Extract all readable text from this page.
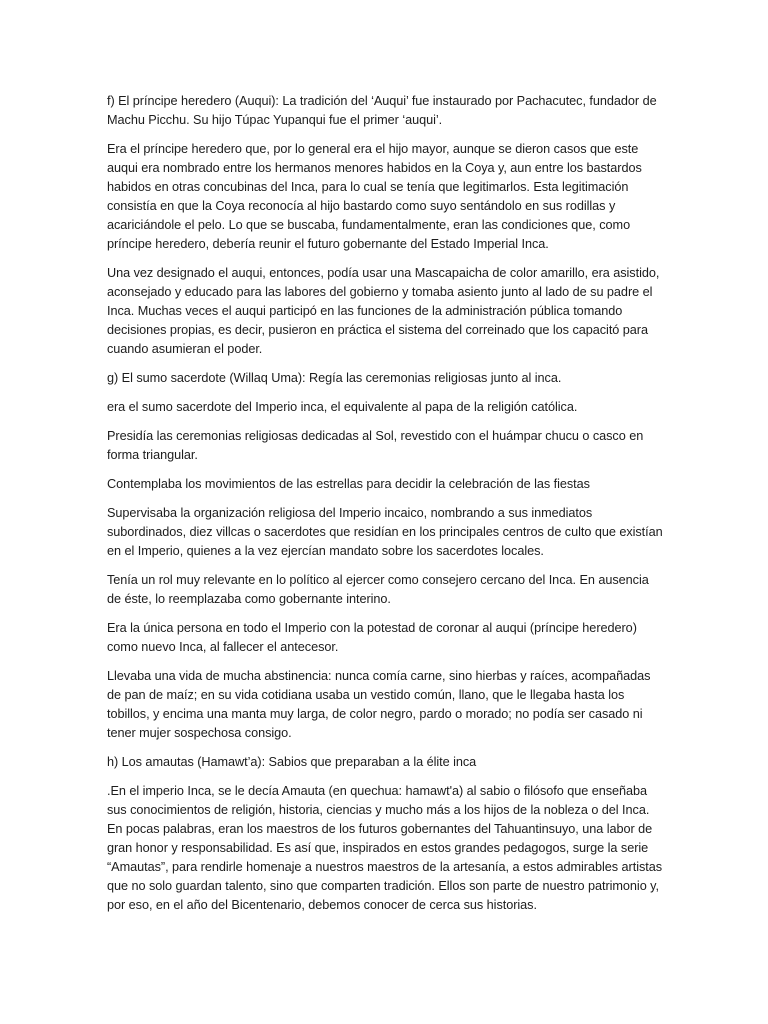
f) El príncipe heredero (Auqui): La tradición del ‘Auqui’ fue instaurado por Pachacutec, fundador de Machu Picchu. Su hijo Túpac Yupanqui fue el primer ‘auqui’.

Era el príncipe heredero que, por lo general era el hijo mayor, aunque se dieron casos que este auqui era nombrado entre los hermanos menores habidos en la Coya y, aun entre los bastardos habidos en otras concubinas del Inca, para lo cual se tenía que legitimarlos. Esta legitimación consistía en que la Coya reconocía al hijo bastardo como suyo sentándolo en sus rodillas y acariciándole el pelo. Lo que se buscaba, fundamentalmente, eran las condiciones que, como príncipe heredero, debería reunir el futuro gobernante del Estado Imperial Inca.

Una vez designado el auqui, entonces, podía usar una Mascapaicha de color amarillo, era asistido, aconsejado y educado para las labores del gobierno y tomaba asiento junto al lado de su padre el Inca. Muchas veces el auqui participó en las funciones de la administración pública tomando decisiones propias, es decir, pusieron en práctica el sistema del correinado que los capacitó para cuando asumieran el poder.

g) El sumo sacerdote (Willaq Uma): Regía las ceremonias religiosas junto al inca.

era el sumo sacerdote del Imperio inca, el equivalente al papa de la religión católica.

Presidía las ceremonias religiosas dedicadas al Sol, revestido con el huámpar chucu o casco en forma triangular.

Contemplaba los movimientos de las estrellas para decidir la celebración de las fiestas

Supervisaba la organización religiosa del Imperio incaico, nombrando a sus inmediatos subordinados, diez villcas o sacerdotes que residían en los principales centros de culto que existían en el Imperio, quienes a la vez ejercían mandato sobre los sacerdotes locales.

Tenía un rol muy relevante en lo político al ejercer como consejero cercano del Inca. En ausencia de éste, lo reemplazaba como gobernante interino.

Era la única persona en todo el Imperio con la potestad de coronar al auqui (príncipe heredero) como nuevo Inca, al fallecer el antecesor.

Llevaba una vida de mucha abstinencia: nunca comía carne, sino hierbas y raíces, acompañadas de pan de maíz; en su vida cotidiana usaba un vestido común, llano, que le llegaba hasta los tobillos, y encima una manta muy larga, de color negro, pardo o morado; no podía ser casado ni tener mujer sospechosa consigo.

h) Los amautas (Hamawt’a): Sabios que preparaban a la élite inca

.En el imperio Inca, se le decía Amauta (en quechua: hamawt'a) al sabio o filósofo que enseñaba sus conocimientos de religión, historia, ciencias y mucho más a los hijos de la nobleza o del Inca. En pocas palabras, eran los maestros de los futuros gobernantes del Tahuantinsuyo, una labor de gran honor y responsabilidad. Es así que, inspirados en estos grandes pedagogos, surge la serie “Amautas”, para rendirle homenaje a nuestros maestros de la artesanía, a estos admirables artistas que no solo guardan talento, sino que comparten tradición. Ellos son parte de nuestro patrimonio y, por eso, en el año del Bicentenario, debemos conocer de cerca sus historias.
